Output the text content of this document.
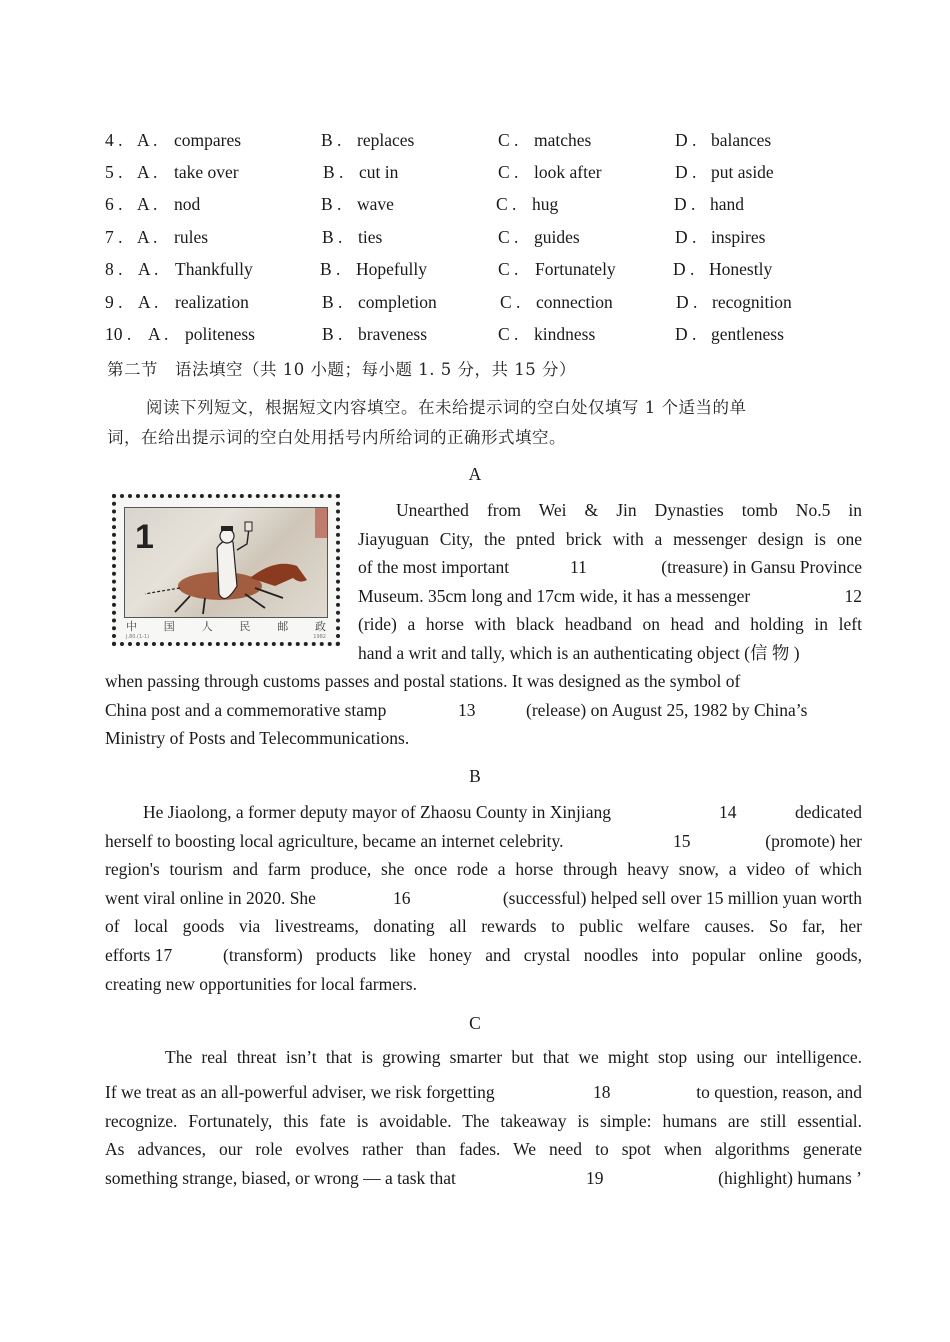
4 . A . compares	B . replaces	C . matches	D . balances
5 . A . take over	B . cut in	C . look after	D . put aside
6 . A . nod	B . wave	C . hug	D . hand
7 . A . rules	B . ties	C . guides	D . inspires
8 . A . Thankfully	B . Hopefully	C . Fortunately	D . Honestly
9 . A . realization	B . completion	C . connection	D . recognition
10 . A . politeness	B . braveness	C . kindness	D . gentleness
第二节　语法填空（共 10 小题；每小题 1. 5 分，共 15 分）
阅读下列短文，根据短文内容填空。在未给提示词的空白处仅填写 1 个适当的单
词，在给出提示词的空白处用括号内所给词的正确形式填空。
A
1
中 国 人 民 邮 政
J.80.(1-1)	1982
Unearthed from Wei & Jin Dynasties tomb No.5 in
Jiayuguan City, the pnted brick with a messenger design is one
of the most important	11	(treasure) in Gansu Province
Museum. 35cm long and 17cm wide, it has a messenger	12
(ride) a horse with black headband on head and holding in left
hand a writ and tally, which is an authenticating object (信 物 )
when passing through customs passes and postal stations. It was designed as the symbol of
China post and a commemorative stamp	13	(release) on August 25, 1982 by China’s
Ministry of Posts and Telecommunications.
B
He Jiaolong, a former deputy mayor of Zhaosu County in Xinjiang	14	dedicated
herself to boosting local agriculture, became an internet celebrity.	15	(promote) her
region's tourism and farm produce, she once rode a horse through heavy snow, a video of which
went viral online in 2020. She	16	(successful) helped sell over 15 million yuan worth
of local goods via livestreams, donating all rewards to public welfare causes. So far, her
efforts 17	(transform) products like honey and crystal noodles into popular online goods,
creating new opportunities for local farmers.
C
The real threat isn’t that is growing smarter but that we might stop using our intelligence.
If we treat as an all-powerful adviser, we risk forgetting	18	to question, reason, and
recognize. Fortunately, this fate is avoidable. The takeaway is simple: humans are still essential.
As advances, our role evolves rather than fades. We need to spot when algorithms generate
something strange, biased, or wrong — a task that	19	(highlight) humans ’
